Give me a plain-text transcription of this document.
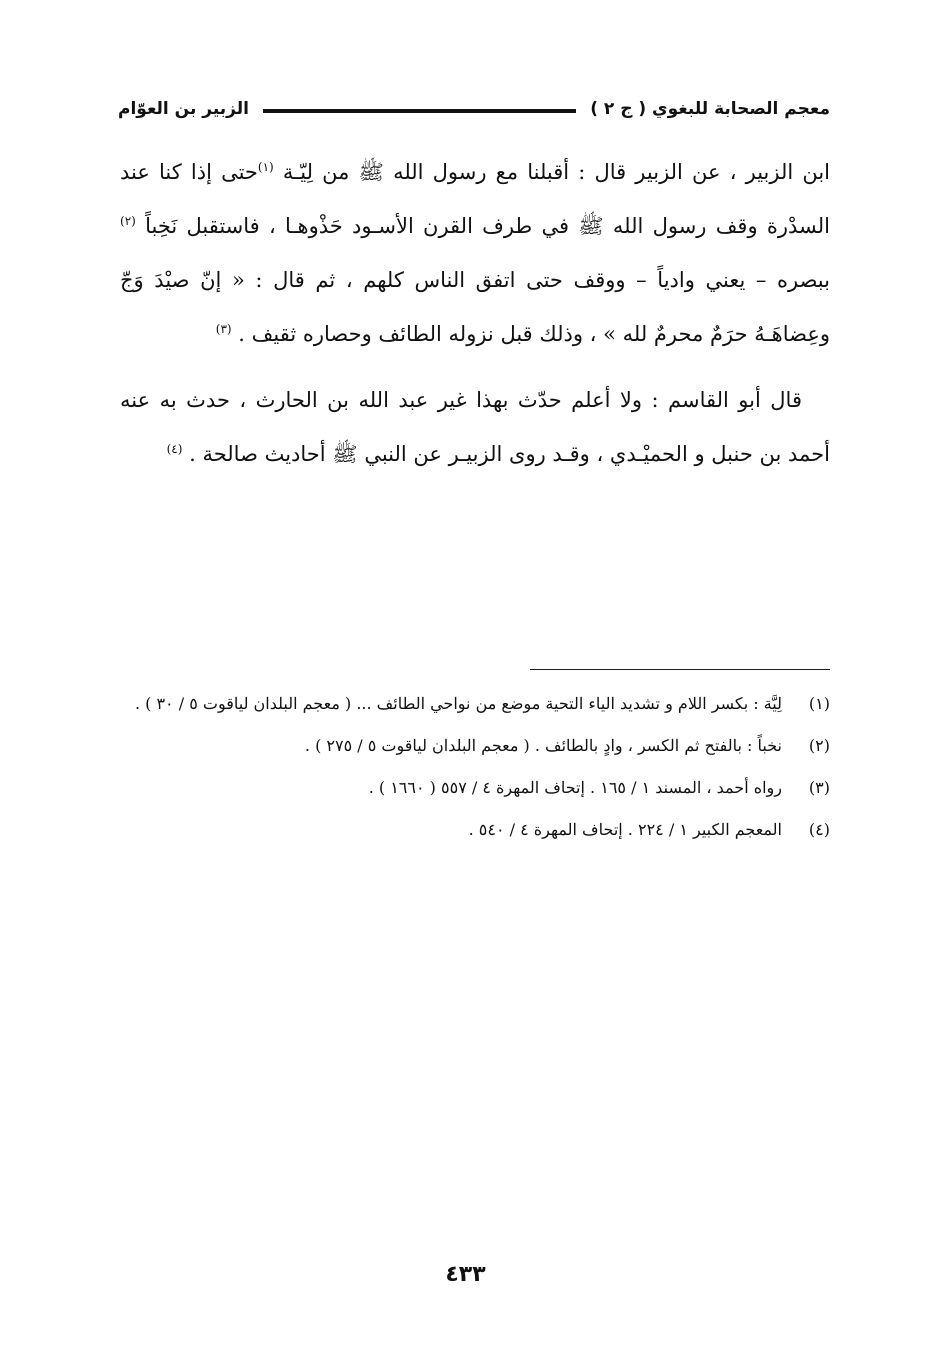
الزبير بن العوّام	معجم الصحابة للبغوي ( ج ٢ )

ابن الزبير ، عن الزبير قال : أقبلنا مع رسول الله ﷺ من لِيّـة $^{(١)}$حتى إذا كنا عند السدْرة وقف رسول الله ﷺ في طرف القرن الأسـود حَذْوهـا ، فاستقبل نَخِباً $^{(٢)}$ ببصره – يعني وادياً – ووقف حتى اتفق الناس كلهم ، ثم قال : « إنّ صيْدَ وَجّ وعِضاهَـهُ حرَمٌ محرمٌ لله » ، وذلك قبل نزوله الطائف وحصاره ثقيف . $^{(٣)}$

قال أبو القاسم : ولا أعلم حدّث بهذا غير عبد الله بن الحارث ، حدث به عنه أحمد بن حنبل و الحميْـدي ، وقـد روى الزبيـر عن النبي ﷺ أحاديث صالحة . $^{(٤)}$

(١)
لِيَّة : بكسر اللام و تشديد الياء التحية موضع من نواحي الطائف ... ( معجم البلدان لياقوت ٥ / ٣٠ ) .
(٢)
نخباً : بالفتح ثم الكسر ، وادٍ بالطائف . ( معجم البلدان لياقوت ٥ / ٢٧٥ ) .
(٣)
رواه أحمد ، المسند ١ / ١٦٥ . إتحاف المهرة ٤ / ٥٥٧ ( ١٦٦٠ ) .
(٤)
المعجم الكبير ١ / ٢٢٤ . إتحاف المهرة ٤ / ٥٤٠ .
٤٣٣
